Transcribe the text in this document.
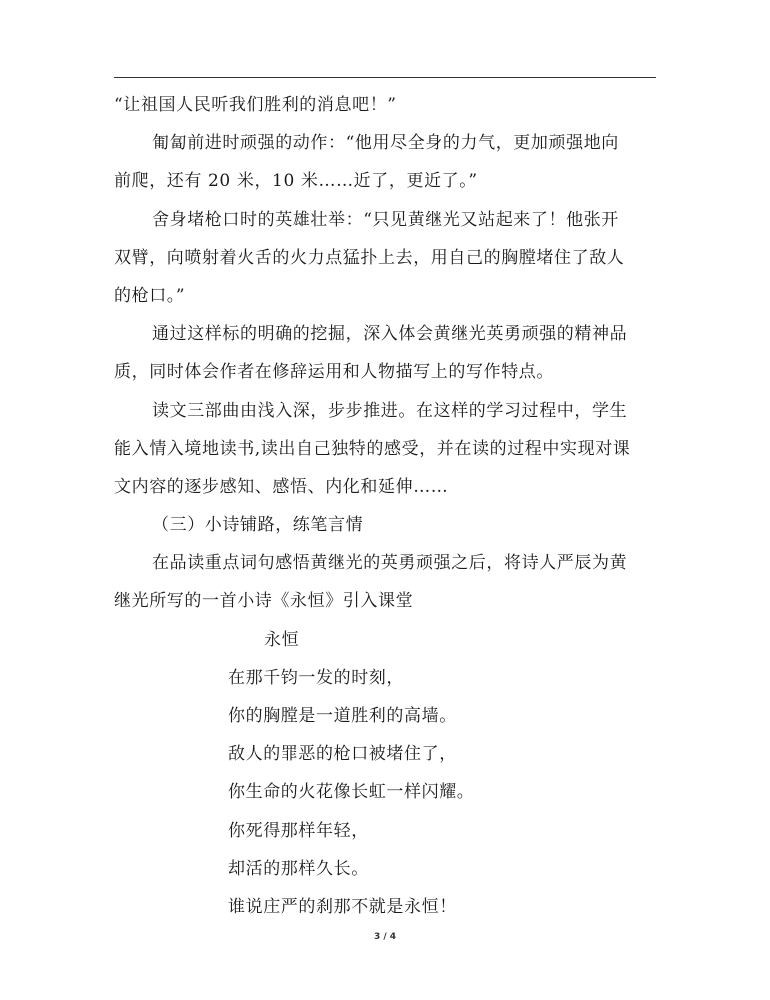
“让祖国人民听我们胜利的消息吧！”
匍匐前进时顽强的动作：“他用尽全身的力气，更加顽强地向
前爬，还有 20 米，10 米……近了，更近了。”
舍身堵枪口时的英雄壮举：“只见黄继光又站起来了！他张开
双臂，向喷射着火舌的火力点猛扑上去，用自己的胸膛堵住了敌人
的枪口。”
通过这样标的明确的挖掘，深入体会黄继光英勇顽强的精神品
质，同时体会作者在修辞运用和人物描写上的写作特点。
读文三部曲由浅入深，步步推进。在这样的学习过程中，学生
能入情入境地读书,读出自己独特的感受，并在读的过程中实现对课
文内容的逐步感知、感悟、内化和延伸……
（三）小诗铺路，练笔言情
在品读重点词句感悟黄继光的英勇顽强之后，将诗人严辰为黄
继光所写的一首小诗《永恒》引入课堂
永恒
在那千钧一发的时刻，
你的胸膛是一道胜利的高墙。
敌人的罪恶的枪口被堵住了，
你生命的火花像长虹一样闪耀。
你死得那样年轻，
却活的那样久长。
谁说庄严的刹那不就是永恒！
3 / 4
